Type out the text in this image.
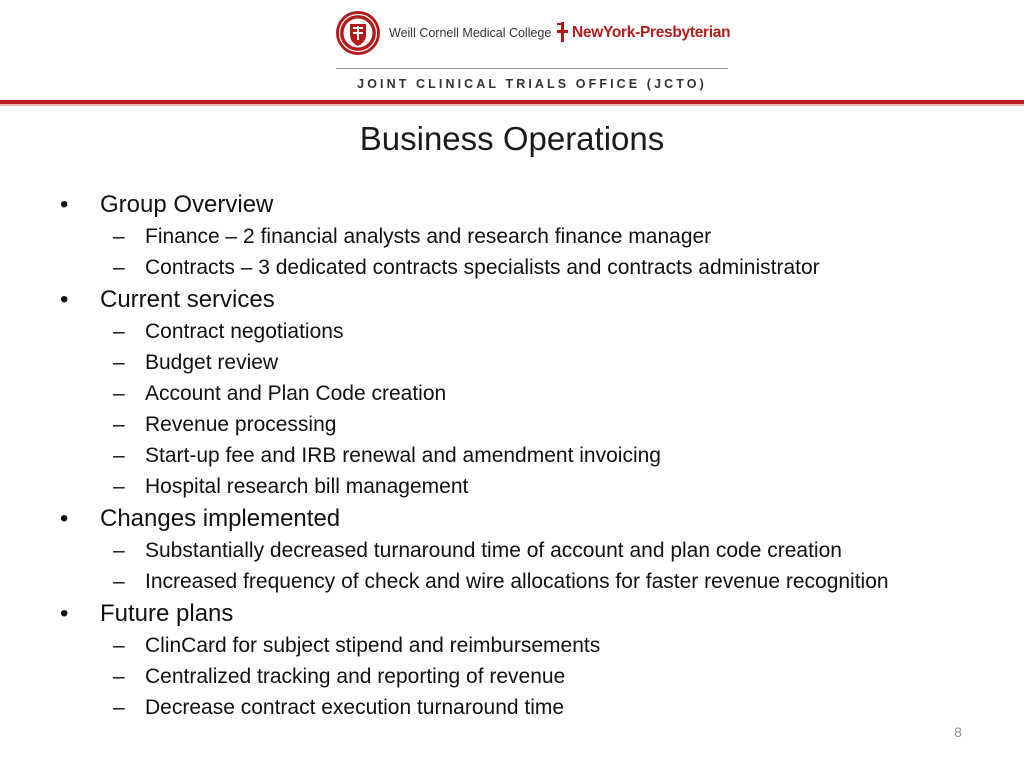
Weill Cornell Medical College NewYork-Presbyterian
JOINT CLINICAL TRIALS OFFICE (JCTO)
Business Operations
• Group Overview
– Finance – 2 financial analysts and research finance manager
– Contracts – 3 dedicated contracts specialists and contracts administrator
• Current services
– Contract negotiations
– Budget review
– Account and Plan Code creation
– Revenue processing
– Start-up fee and IRB renewal and amendment invoicing
– Hospital research bill management
• Changes implemented
– Substantially decreased turnaround time of account and plan code creation
– Increased frequency of check and wire allocations for faster revenue recognition
• Future plans
– ClinCard for subject stipend and reimbursements
– Centralized tracking and reporting of revenue
– Decrease contract execution turnaround time
8
